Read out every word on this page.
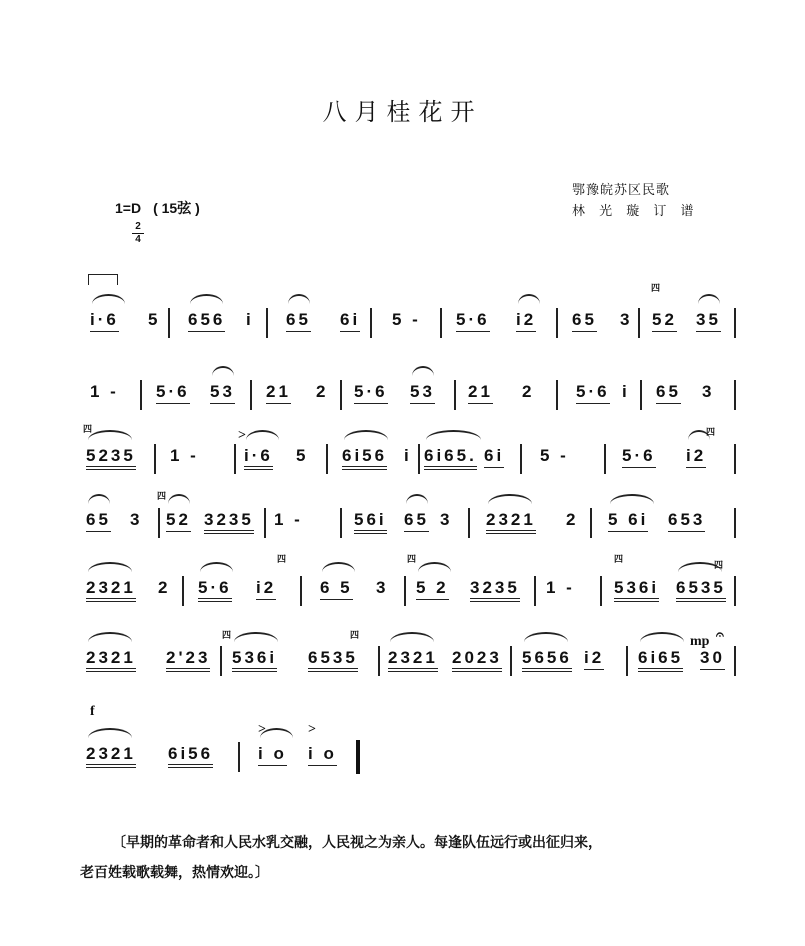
八月桂花开
鄂豫皖苏区民歌
林 光 璇 订 谱
1=D ( 15弦 )
2
4
i·6 5 656 i 65 6i 5 - 5·6 i2 65 3 52 35
1 - 5·6 53 21 2 5·6 53 21 2 5·6 i 65 3
5235 1 -	i·6 5 6i56 i 6i65. 6i 5 -	5·6 i2
65 3 52 3235 1 -	56i 65 3 2321 2 5 6i 653
2321 2 5·6 i2	6 5 3 5 2 3235 1 - 536i 6535
2321 2'23 536i 6535 2321 2023 5656 i2 6i65 30
2321 6i56	i o i o
〔早期的革命者和人民水乳交融，人民视之为亲人。每逢队伍远行或出征归来，
老百姓载歌载舞，热情欢迎。〕
mp 𝄐
f
>	>
>
四
四	四
四
四	四	四
四
四	四
